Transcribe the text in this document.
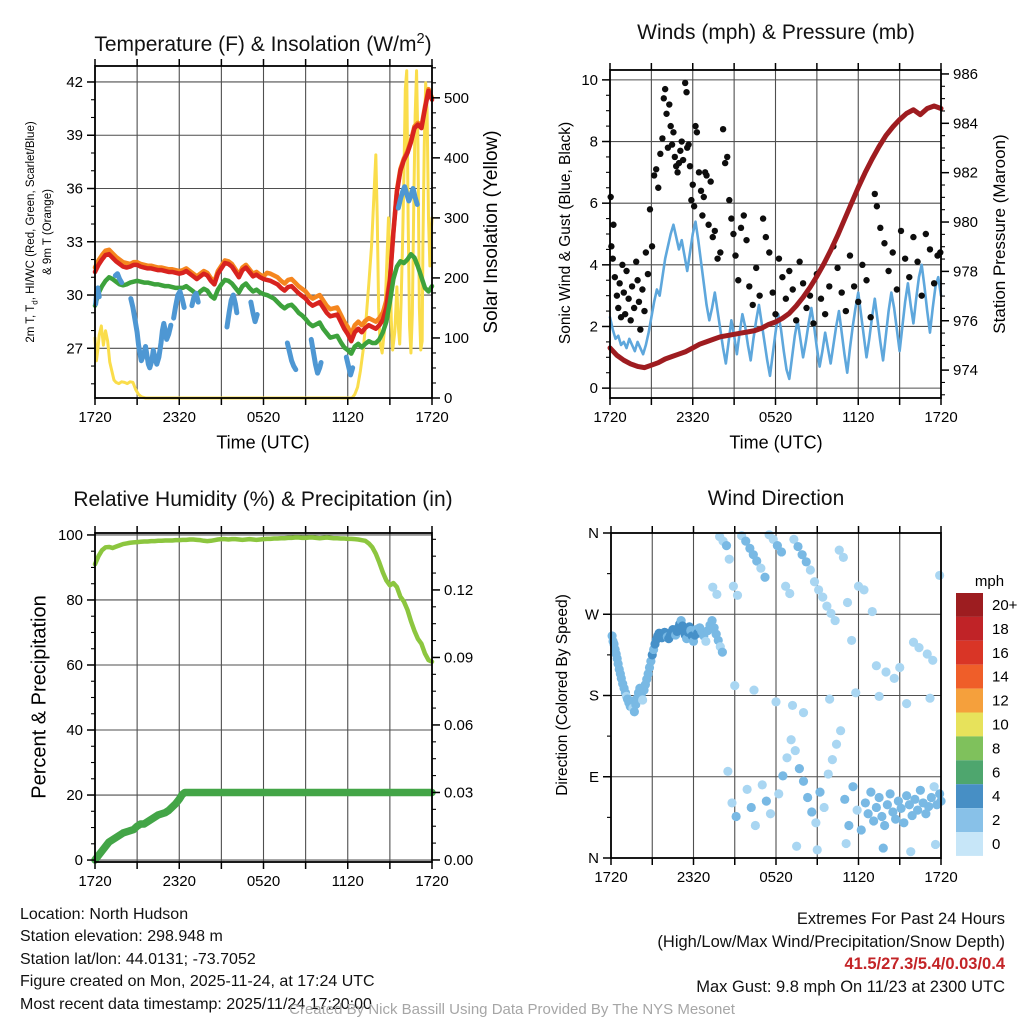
1720	2320	0520	1120	1720
27
30
33
36
39
42
0
100
200
300
400
500
1720	2320	0520	1120	1720
0
2
4
6
8
10
974
976
978
980
982
984
986
1720	2320	0520	1120	1720
0
20
40
60
80
100
0.00
0.03
0.06
0.09
0.12
1720	2320	0520	1120	1720
N
W
S
E
N
mph
20+
18
16
14
12
10
8
6
4
2
0
Temperature (F) & Insolation $(W/m^2)$
Winds (mph) & Pressure (mb)
Relative Humidity (%) & Precipitation (in)	Wind Direction
Time (UTC)	Time (UTC)
2m T, $T_d$, HI/WC (Red, Green, Scarlet/Blue) & 9m T (Orange)	Solar Insolation (Yellow)	Sonic Wind & Gust (Blue, Black)	Station Pressure (Maroon)
Percent & Precipitation	Direction (Colored By Speed)
Location: North Hudson
Station elevation: 298.948 m
Station lat/lon: 44.0131; -73.7052
Figure created on Mon, 2025-11-24, at 17:24 UTC
Most recent data timestamp: 2025/11/24 17:20:00
Extremes For Past 24 Hours
(High/Low/Max Wind/Precipitation/Snow Depth)
41.5/27.3/5.4/0.03/0.4
Max Gust: 9.8 mph On 11/23 at 2300 UTC
Created By Nick Bassill Using Data Provided By The NYS Mesonet
